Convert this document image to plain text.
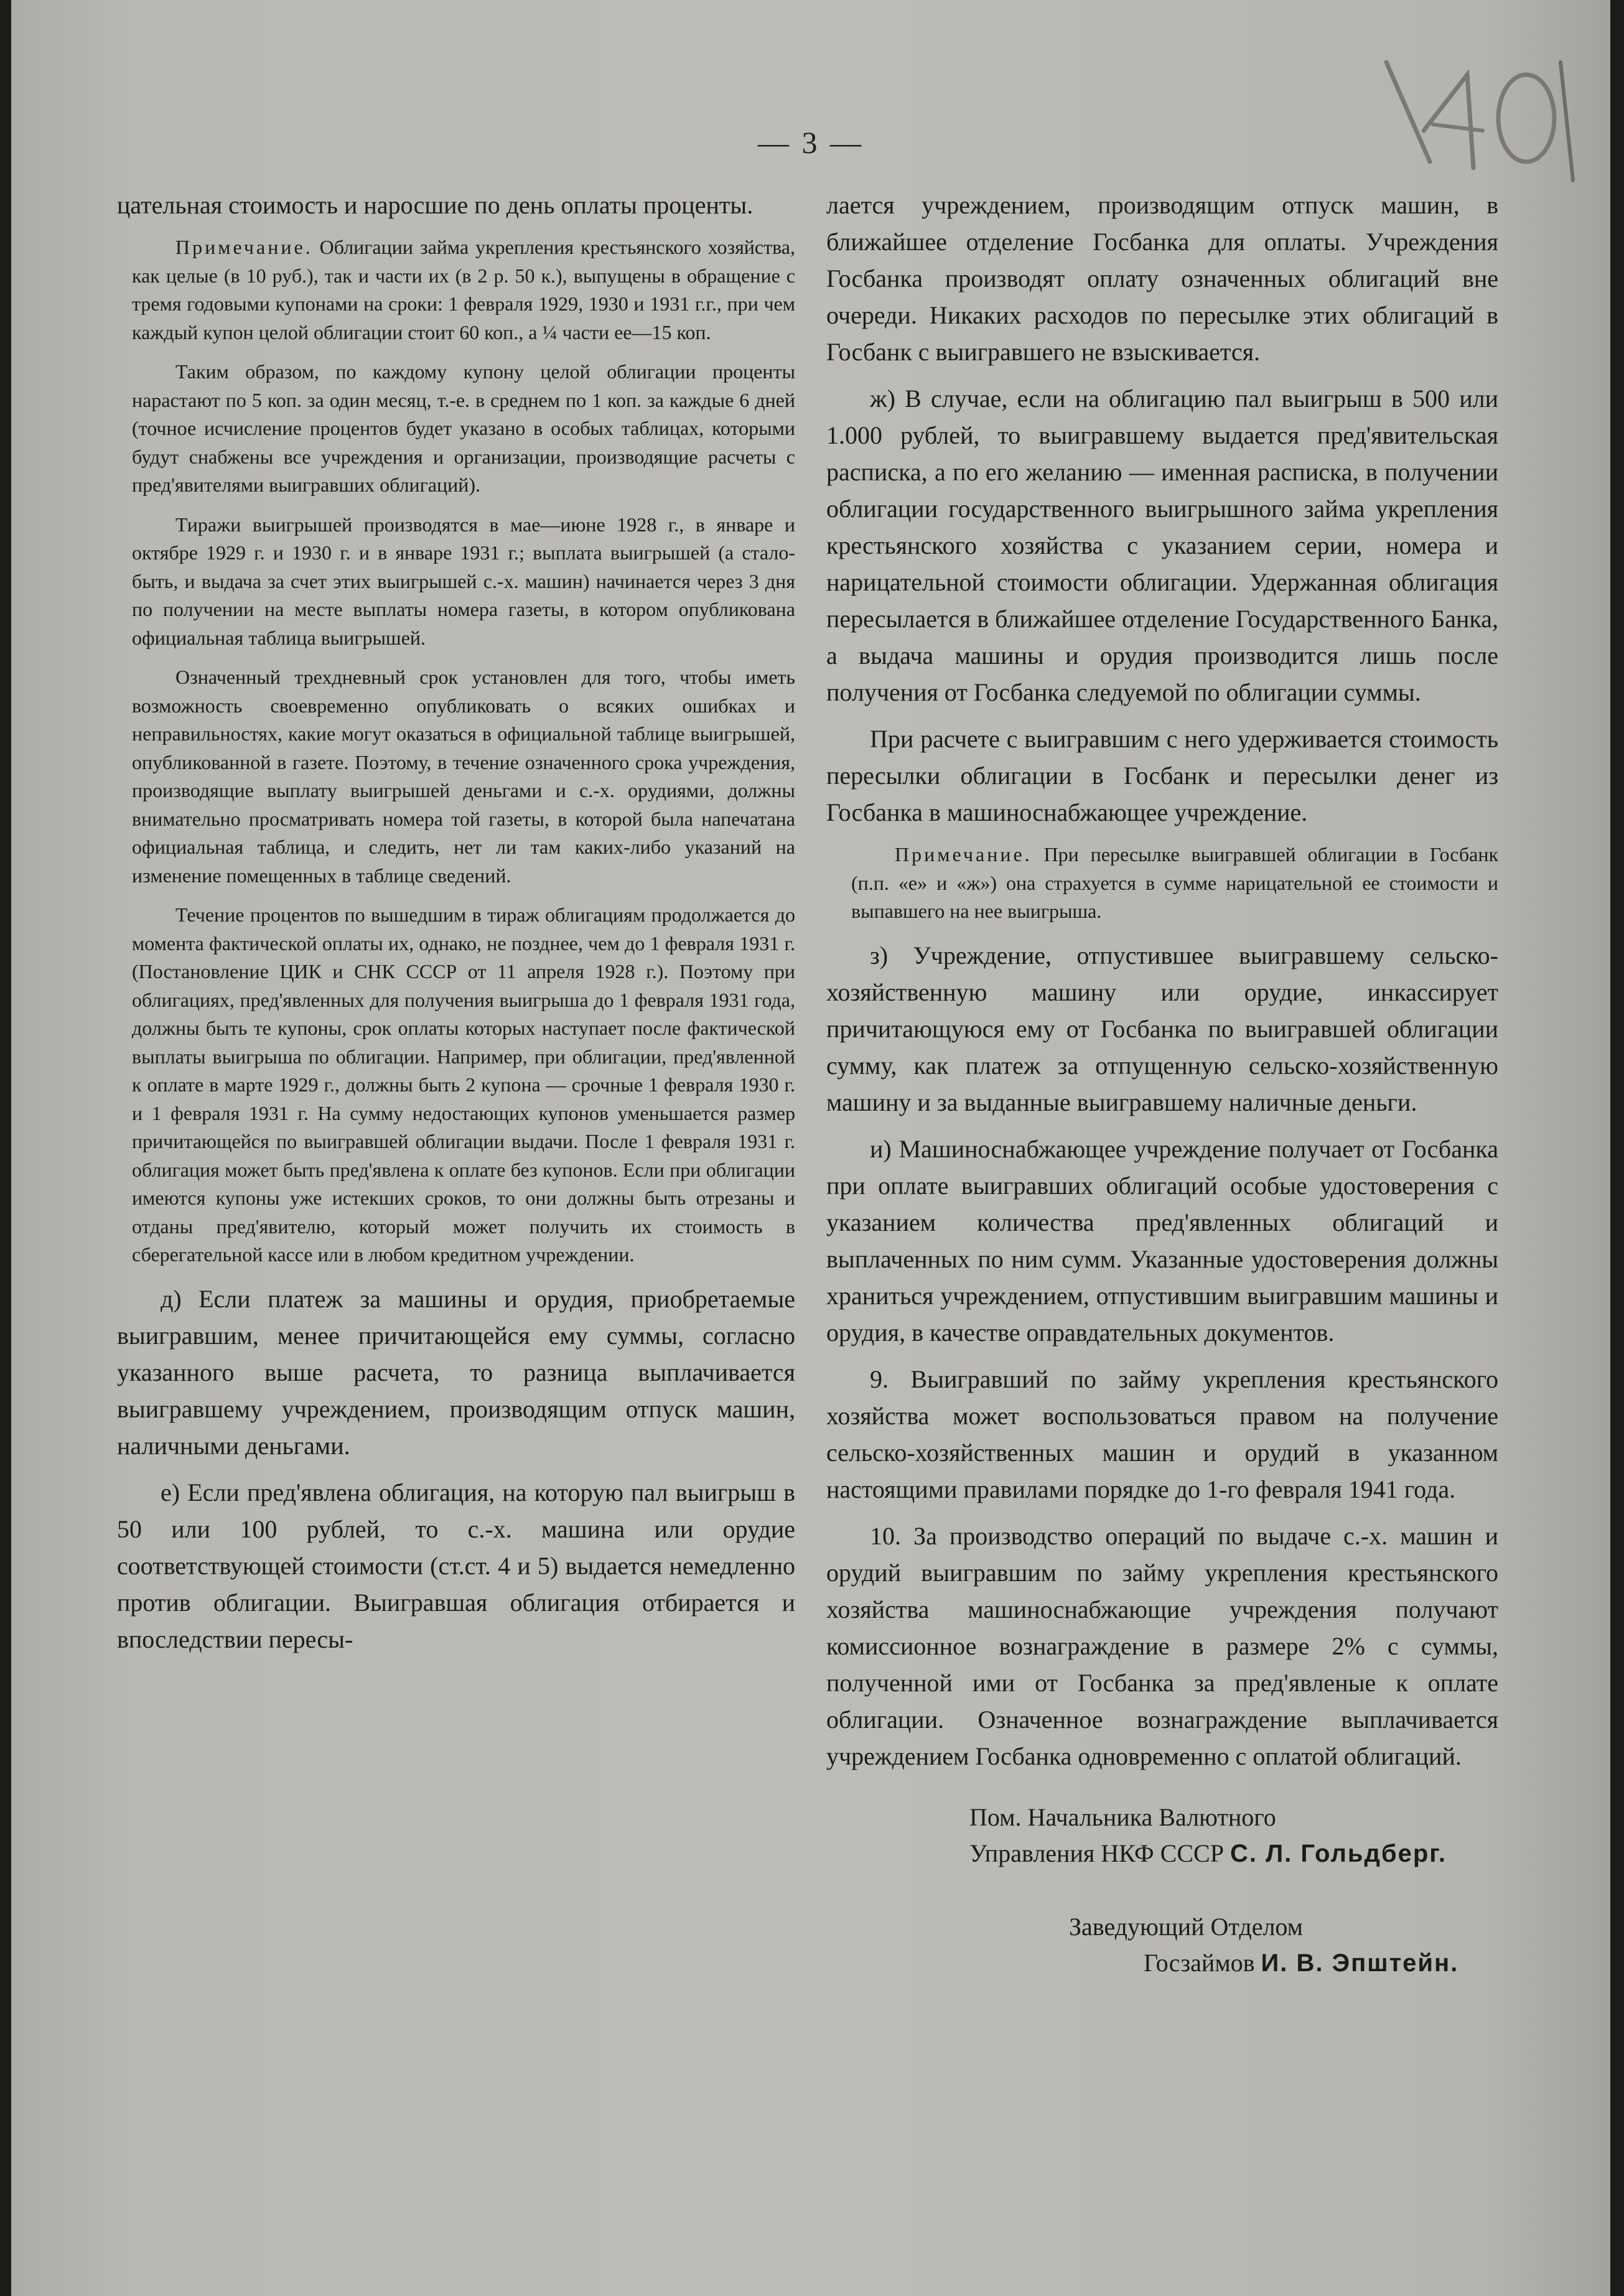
— 3 —

цательная стоимость и наросшие по день оплаты проценты.

Примечание. Облигации займа укрепления крестьянского хозяйства, как целые (в 10 руб.), так и части их (в 2 р. 50 к.), выпущены в обращение с тремя годовыми купонами на сроки: 1 февраля 1929, 1930 и 1931 г.г., при чем каждый купон целой облигации стоит 60 коп., а ¼ части ее—15 коп.

Таким образом, по каждому купону целой облигации проценты нарастают по 5 коп. за один месяц, т.-е. в среднем по 1 коп. за каждые 6 дней (точное исчисление процентов будет указано в особых таблицах, которыми будут снабжены все учреждения и организации, производящие расчеты с пред'явителями выигравших облигаций).

Тиражи выигрышей производятся в мае—июне 1928 г., в январе и октябре 1929 г. и 1930 г. и в январе 1931 г.; выплата выигрышей (а стало-быть, и выдача за счет этих выигрышей с.-х. машин) начинается через 3 дня по получении на месте выплаты номера газеты, в котором опубликована официальная таблица выигрышей.

Означенный трехдневный срок установлен для того, чтобы иметь возможность своевременно опубликовать о всяких ошибках и неправильностях, какие могут оказаться в официальной таблице выигрышей, опубликованной в газете. Поэтому, в течение означенного срока учреждения, производящие выплату выигрышей деньгами и с.-х. орудиями, должны внимательно просматривать номера той газеты, в которой была напечатана официальная таблица, и следить, нет ли там каких-либо указаний на изменение помещенных в таблице сведений.

Течение процентов по вышедшим в тираж облигациям продолжается до момента фактической оплаты их, однако, не позднее, чем до 1 февраля 1931 г. (Постановление ЦИК и СНК СССР от 11 апреля 1928 г.). Поэтому при облигациях, пред'явленных для получения выигрыша до 1 февраля 1931 года, должны быть те купоны, срок оплаты которых наступает после фактической выплаты выигрыша по облигации. Например, при облигации, пред'явленной к оплате в марте 1929 г., должны быть 2 купона — срочные 1 февраля 1930 г. и 1 февраля 1931 г. На сумму недостающих купонов уменьшается размер причитающейся по выигравшей облигации выдачи. После 1 февраля 1931 г. облигация может быть пред'явлена к оплате без купонов. Если при облигации имеются купоны уже истекших сроков, то они должны быть отрезаны и отданы пред'явителю, который может получить их стоимость в сберегательной кассе или в любом кредитном учреждении.

д) Если платеж за машины и орудия, приобретаемые выигравшим, менее причитающейся ему суммы, согласно указанного выше расчета, то разница выплачивается выигравшему учреждением, производящим отпуск машин, наличными деньгами.

е) Если пред'явлена облигация, на которую пал выигрыш в 50 или 100 рублей, то с.-х. машина или орудие соответствующей стоимости (ст.ст. 4 и 5) выдается немедленно против облигации. Выигравшая облигация отбирается и впоследствии пересы-

лается учреждением, производящим отпуск машин, в ближайшее отделение Госбанка для оплаты. Учреждения Госбанка производят оплату означенных облигаций вне очереди. Никаких расходов по пересылке этих облигаций в Госбанк с выигравшего не взыскивается.

ж) В случае, если на облигацию пал выигрыш в 500 или 1.000 рублей, то выигравшему выдается пред'явительская расписка, а по его желанию — именная расписка, в получении облигации государственного выигрышного займа укрепления крестьянского хозяйства с указанием серии, номера и нарицательной стоимости облигации. Удержанная облигация пересылается в ближайшее отделение Государственного Банка, а выдача машины и орудия производится лишь после получения от Госбанка следуемой по облигации суммы.

При расчете с выигравшим с него удерживается стоимость пересылки облигации в Госбанк и пересылки денег из Госбанка в машиноснабжающее учреждение.

Примечание. При пересылке выигравшей облигации в Госбанк (п.п. «е» и «ж») она страхуется в сумме нарицательной ее стоимости и выпавшего на нее выигрыша.

з) Учреждение, отпустившее выигравшему сельско-хозяйственную машину или орудие, инкассирует причитающуюся ему от Госбанка по выигравшей облигации сумму, как платеж за отпущенную сельско-хозяйственную машину и за выданные выигравшему наличные деньги.

и) Машиноснабжающее учреждение получает от Госбанка при оплате выигравших облигаций особые удостоверения с указанием количества пред'явленных облигаций и выплаченных по ним сумм. Указанные удостоверения должны храниться учреждением, отпустившим выигравшим машины и орудия, в качестве оправдательных документов.

9. Выигравший по займу укрепления крестьянского хозяйства может воспользоваться правом на получение сельско-хозяйственных машин и орудий в указанном настоящими правилами порядке до 1-го февраля 1941 года.

10. За производство операций по выдаче с.-х. машин и орудий выигравшим по займу укрепления крестьянского хозяйства машиноснабжающие учреждения получают комиссионное вознаграждение в размере 2% с суммы, полученной ими от Госбанка за пред'явленые к оплате облигации. Означенное вознаграждение выплачивается учреждением Госбанка одновременно с оплатой облигаций.

Пом. Начальника Валютного
Управления НКФ СССР С. Л. Гольдберг.
Заведующий Отделом
Госзаймов И. В. Эпштейн.
